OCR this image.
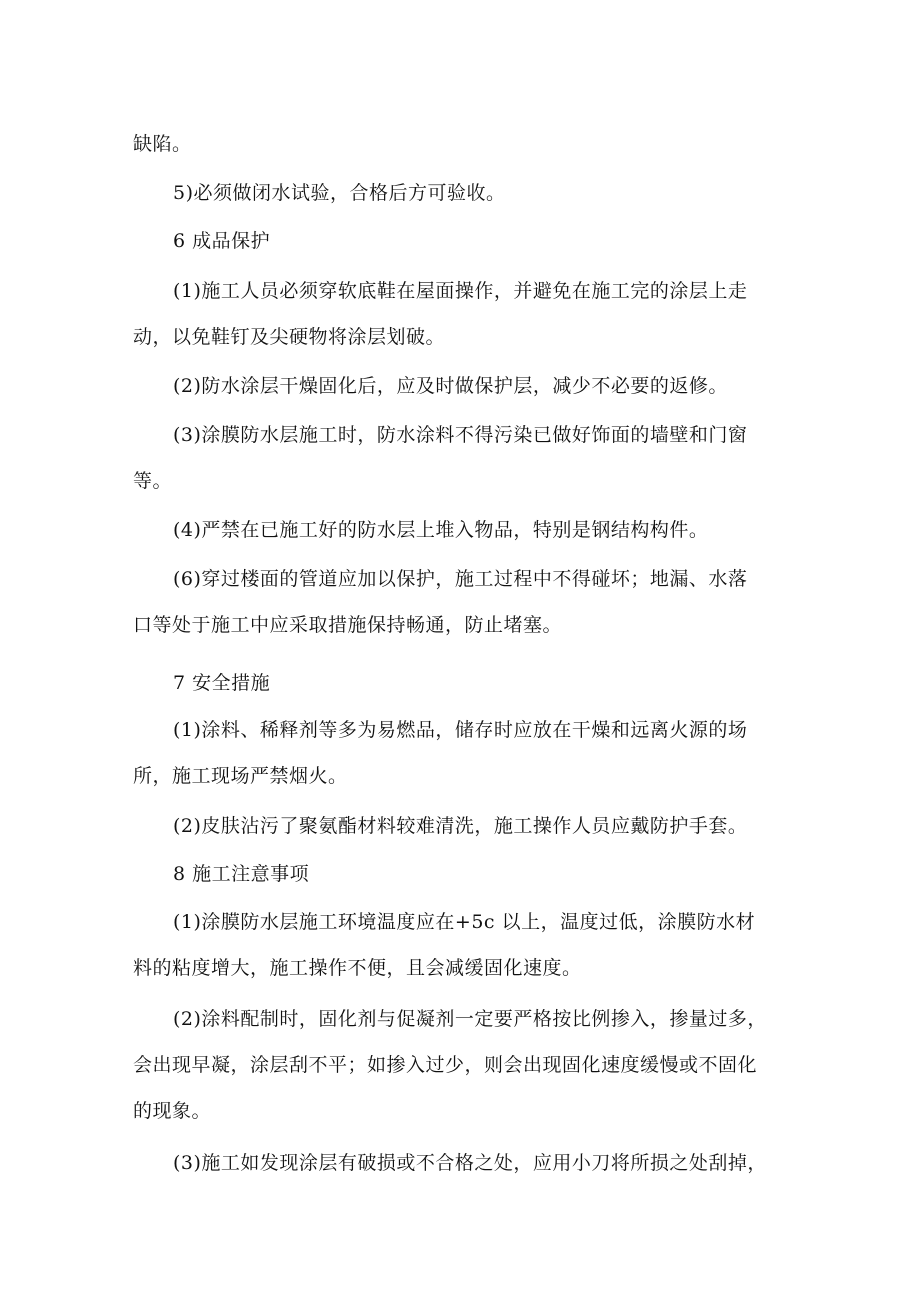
缺陷。

5)必须做闭水试验，合格后方可验收。

6 成品保护

(1)施工人员必须穿软底鞋在屋面操作，并避免在施工完的涂层上走
动，以免鞋钉及尖硬物将涂层划破。

(2)防水涂层干燥固化后，应及时做保护层，减少不必要的返修。

(3)涂膜防水层施工时，防水涂料不得污染已做好饰面的墙壁和门窗
等。

(4)严禁在已施工好的防水层上堆入物品，特别是钢结构构件。

(6)穿过楼面的管道应加以保护，施工过程中不得碰坏；地漏、水落
口等处于施工中应采取措施保持畅通，防止堵塞。

7 安全措施

(1)涂料、稀释剂等多为易燃品，储存时应放在干燥和远离火源的场
所，施工现场严禁烟火。

(2)皮肤沾污了聚氨酯材料较难清洗，施工操作人员应戴防护手套。

8 施工注意事项

(1)涂膜防水层施工环境温度应在+5c 以上，温度过低，涂膜防水材
料的粘度增大，施工操作不便，且会减缓固化速度。

(2)涂料配制时，固化剂与促凝剂一定要严格按比例掺入，掺量过多，
会出现早凝，涂层刮不平；如掺入过少，则会出现固化速度缓慢或不固化
的现象。

(3)施工如发现涂层有破损或不合格之处，应用小刀将所损之处刮掉，
